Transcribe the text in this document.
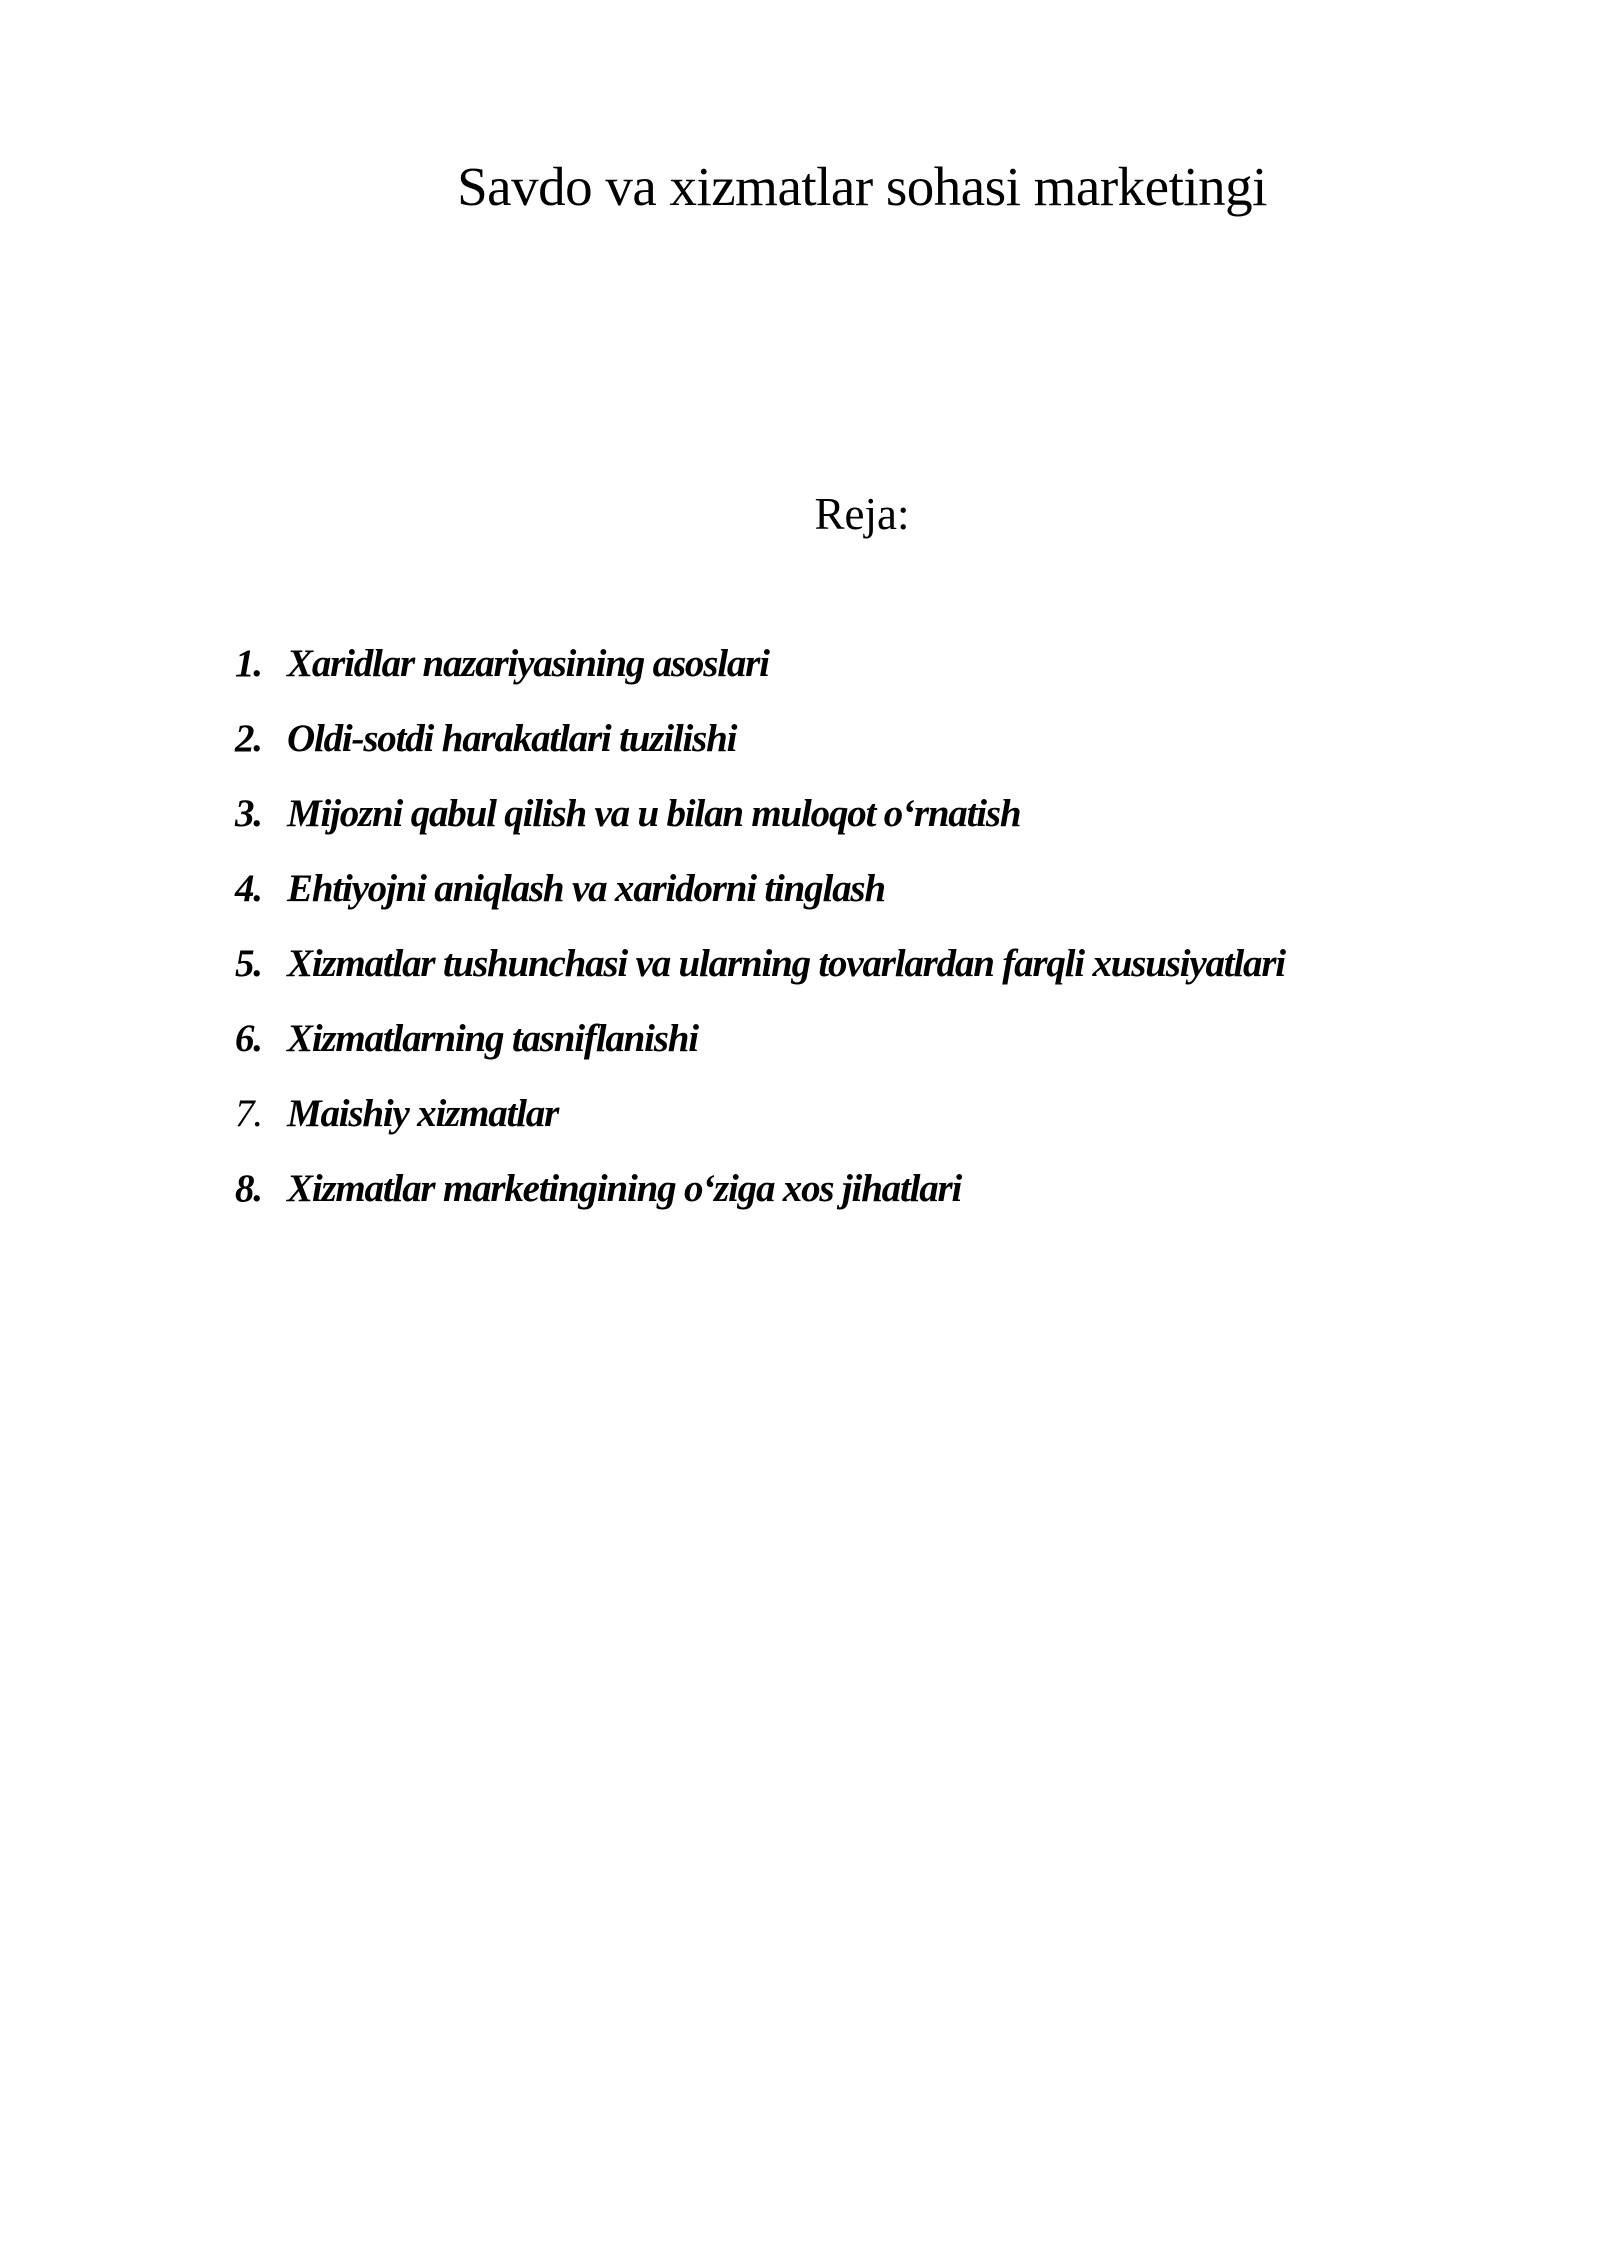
Savdo va xizmatlar sohasi marketingi
Reja:
1. Xaridlar nazariyasining asoslari
2. Oldi-sotdi harakatlari tuzilishi
3. Mijozni qabul qilish va u bilan muloqot o‘rnatish
4. Ehtiyojni aniqlash va xaridorni tinglash
5. Xizmatlar tushunchasi va ularning tovarlardan farqli xususiyatlari
6. Xizmatlarning tasniflanishi
7. Maishiy xizmatlar
8. Xizmatlar marketingining o‘ziga xos jihatlari
